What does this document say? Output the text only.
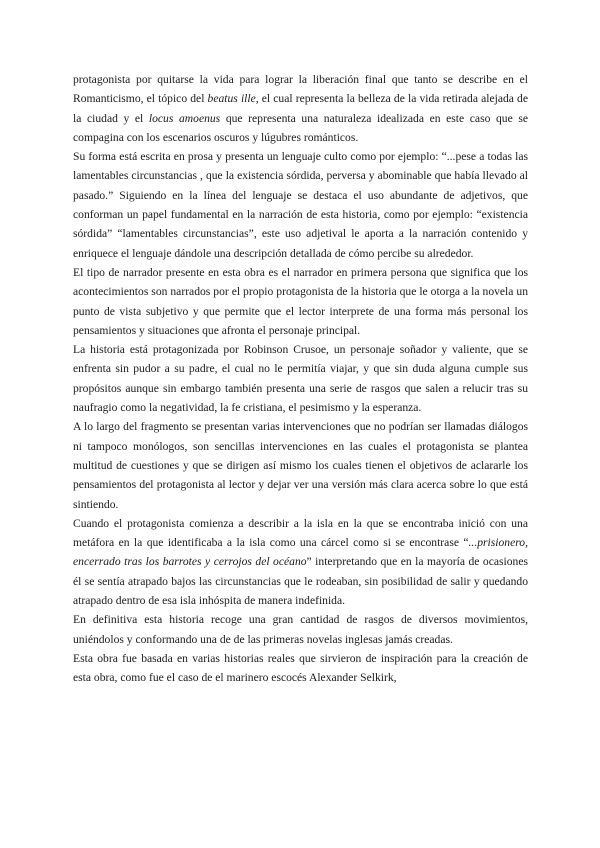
protagonista por quitarse la vida para lograr la liberación final que tanto se describe en el Romanticismo, el tópico del beatus ille, el cual representa la belleza de la vida retirada alejada de la ciudad y el locus amoenus que representa una naturaleza idealizada en este caso que se compagina con los escenarios oscuros y lúgubres románticos.

Su forma está escrita en prosa y presenta un lenguaje culto como por ejemplo: “...pese a todas las lamentables circunstancias , que la existencia sórdida, perversa y abominable que había llevado al pasado.” Siguiendo en la línea del lenguaje se destaca el uso abundante de adjetivos, que conforman un papel fundamental en la narración de esta historia, como por ejemplo: “existencia sórdida” “lamentables circunstancias”, este uso adjetival le aporta a la narración contenido y enriquece el lenguaje dándole una descripción detallada de cómo percibe su alrededor.

El tipo de narrador presente en esta obra es el narrador en primera persona que significa que los acontecimientos son narrados por el propio protagonista de la historia que le otorga a la novela un punto de vista subjetivo y que permite que el lector interprete de una forma más personal los pensamientos y situaciones que afronta el personaje principal.

La historia está protagonizada por Robinson Crusoe, un personaje soñador y valiente, que se enfrenta sin pudor a su padre, el cual no le permitía viajar, y que sin duda alguna cumple sus propósitos aunque sin embargo también presenta una serie de rasgos que salen a relucir tras su naufragio como la negatividad, la fe cristiana, el pesimismo y la esperanza.

A lo largo del fragmento se presentan varias intervenciones que no podrían ser llamadas diálogos ni tampoco monólogos, son sencillas intervenciones en las cuales el protagonista se plantea multitud de cuestiones y que se dirigen así mismo los cuales tienen el objetivos de aclararle los pensamientos del protagonista al lector y dejar ver una versión más clara acerca sobre lo que está sintiendo.

Cuando el protagonista comienza a describir a la isla en la que se encontraba inició con una metáfora en la que identificaba a la isla como una cárcel como si se encontrase “...prisionero, encerrado tras los barrotes y cerrojos del océano” interpretando que en la mayoría de ocasiones él se sentía atrapado bajos las circunstancias que le rodeaban, sin posibilidad de salir y quedando atrapado dentro de esa isla inhóspita de manera indefinida.

En definitiva esta historia recoge una gran cantidad de rasgos de diversos movimientos, uniéndolos y conformando una de de las primeras novelas inglesas jamás creadas.

Esta obra fue basada en varias historias reales que sirvieron de inspiración para la creación de esta obra, como fue el caso de el marinero escocés Alexander Selkirk,
